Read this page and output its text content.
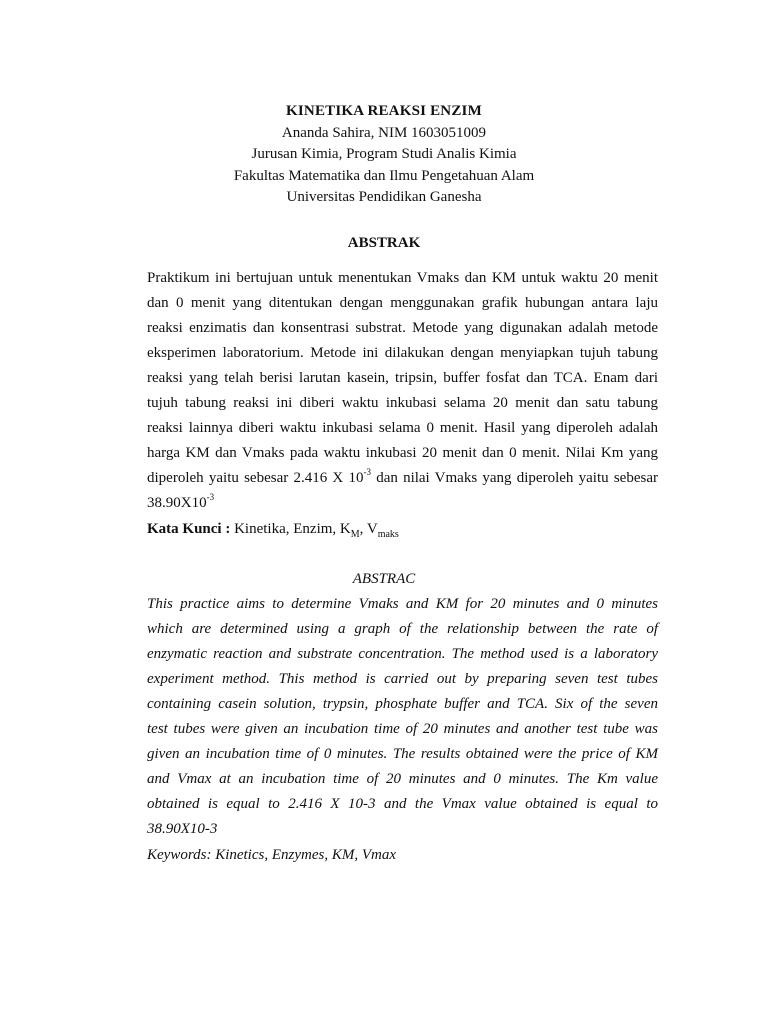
KINETIKA REAKSI ENZIM
Ananda Sahira, NIM 1603051009
Jurusan Kimia, Program Studi Analis Kimia
Fakultas Matematika dan Ilmu Pengetahuan Alam
Universitas Pendidikan Ganesha
ABSTRAK
Praktikum ini bertujuan untuk menentukan Vmaks dan KM untuk waktu 20 menit
dan 0 menit yang ditentukan dengan menggunakan grafik hubungan antara laju
reaksi enzimatis dan konsentrasi substrat. Metode yang digunakan adalah metode
eksperimen laboratorium. Metode ini dilakukan dengan menyiapkan tujuh tabung
reaksi yang telah berisi larutan kasein, tripsin, buffer fosfat dan TCA. Enam dari
tujuh tabung reaksi ini diberi waktu inkubasi selama 20 menit dan satu tabung
reaksi lainnya diberi waktu inkubasi selama 0 menit. Hasil yang diperoleh adalah
harga KM dan Vmaks pada waktu inkubasi 20 menit dan 0 menit. Nilai Km yang
diperoleh yaitu sebesar 2.416 X $10^{-3}$ dan nilai Vmaks yang diperoleh yaitu sebesar
$38.90X10^{-3}$
Kata Kunci : Kinetika, Enzim, $K_M$, $V_{maks}$
ABSTRAC
This practice aims to determine Vmaks and KM for 20 minutes and 0 minutes
which are determined using a graph of the relationship between the rate of
enzymatic reaction and substrate concentration. The method used is a laboratory
experiment method. This method is carried out by preparing seven test tubes
containing casein solution, trypsin, phosphate buffer and TCA. Six of the seven
test tubes were given an incubation time of 20 minutes and another test tube was
given an incubation time of 0 minutes. The results obtained were the price of KM
and Vmax at an incubation time of 20 minutes and 0 minutes. The Km value
obtained is equal to 2.416 X 10-3 and the Vmax value obtained is equal to
38.90X10-3
Keywords: Kinetics, Enzymes, KM, Vmax
